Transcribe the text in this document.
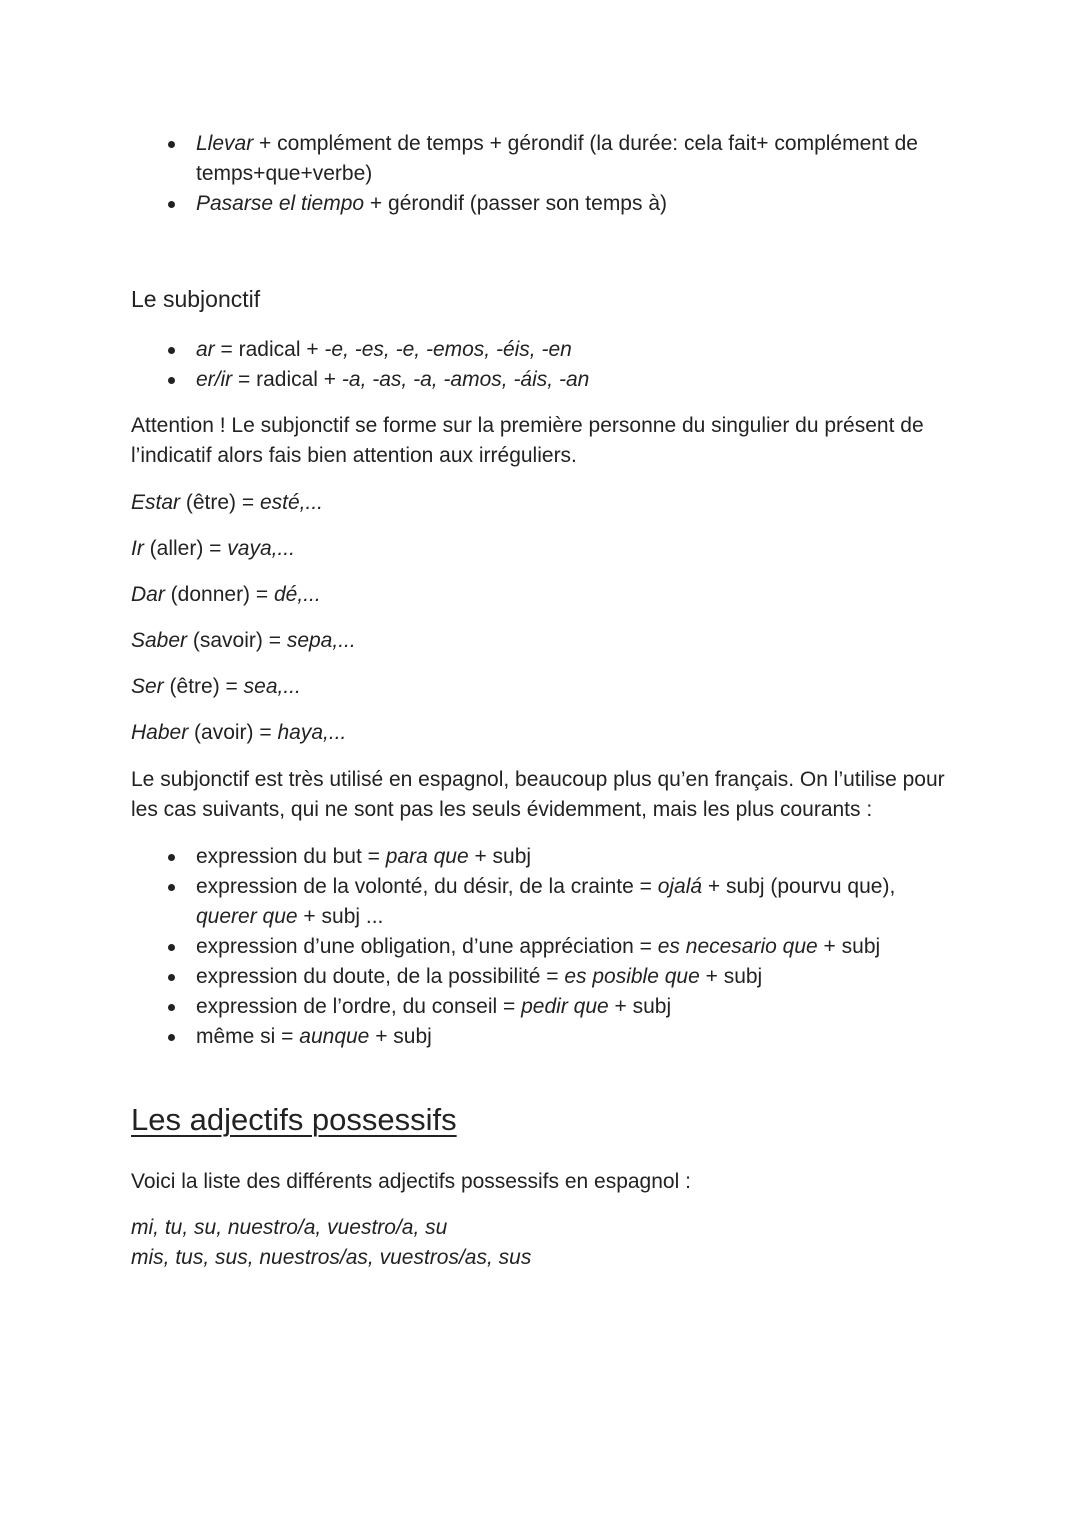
Llevar + complément de temps + gérondif (la durée: cela fait+ complément de temps+que+verbe)
Pasarse el tiempo + gérondif (passer son temps à)
Le subjonctif
ar = radical + -e, -es, -e, -emos, -éis, -en
er/ir = radical + -a, -as, -a, -amos, -áis, -an

Attention ! Le subjonctif se forme sur la première personne du singulier du présent de l’indicatif alors fais bien attention aux irréguliers.

Estar (être) = esté,...

Ir (aller) = vaya,...

Dar (donner) = dé,...

Saber (savoir) = sepa,...

Ser (être) = sea,...

Haber (avoir) = haya,...

Le subjonctif est très utilisé en espagnol, beaucoup plus qu’en français. On l’utilise pour les cas suivants, qui ne sont pas les seuls évidemment, mais les plus courants :

expression du but = para que + subj
expression de la volonté, du désir, de la crainte = ojalá + subj (pourvu que), querer que + subj ...
expression d’une obligation, d’une appréciation = es necesario que + subj
expression du doute, de la possibilité = es posible que + subj
expression de l’ordre, du conseil = pedir que + subj
même si = aunque + subj
Les adjectifs possessifs

Voici la liste des différents adjectifs possessifs en espagnol :

mi, tu, su, nuestro/a, vuestro/a, su

mis, tus, sus, nuestros/as, vuestros/as, sus
